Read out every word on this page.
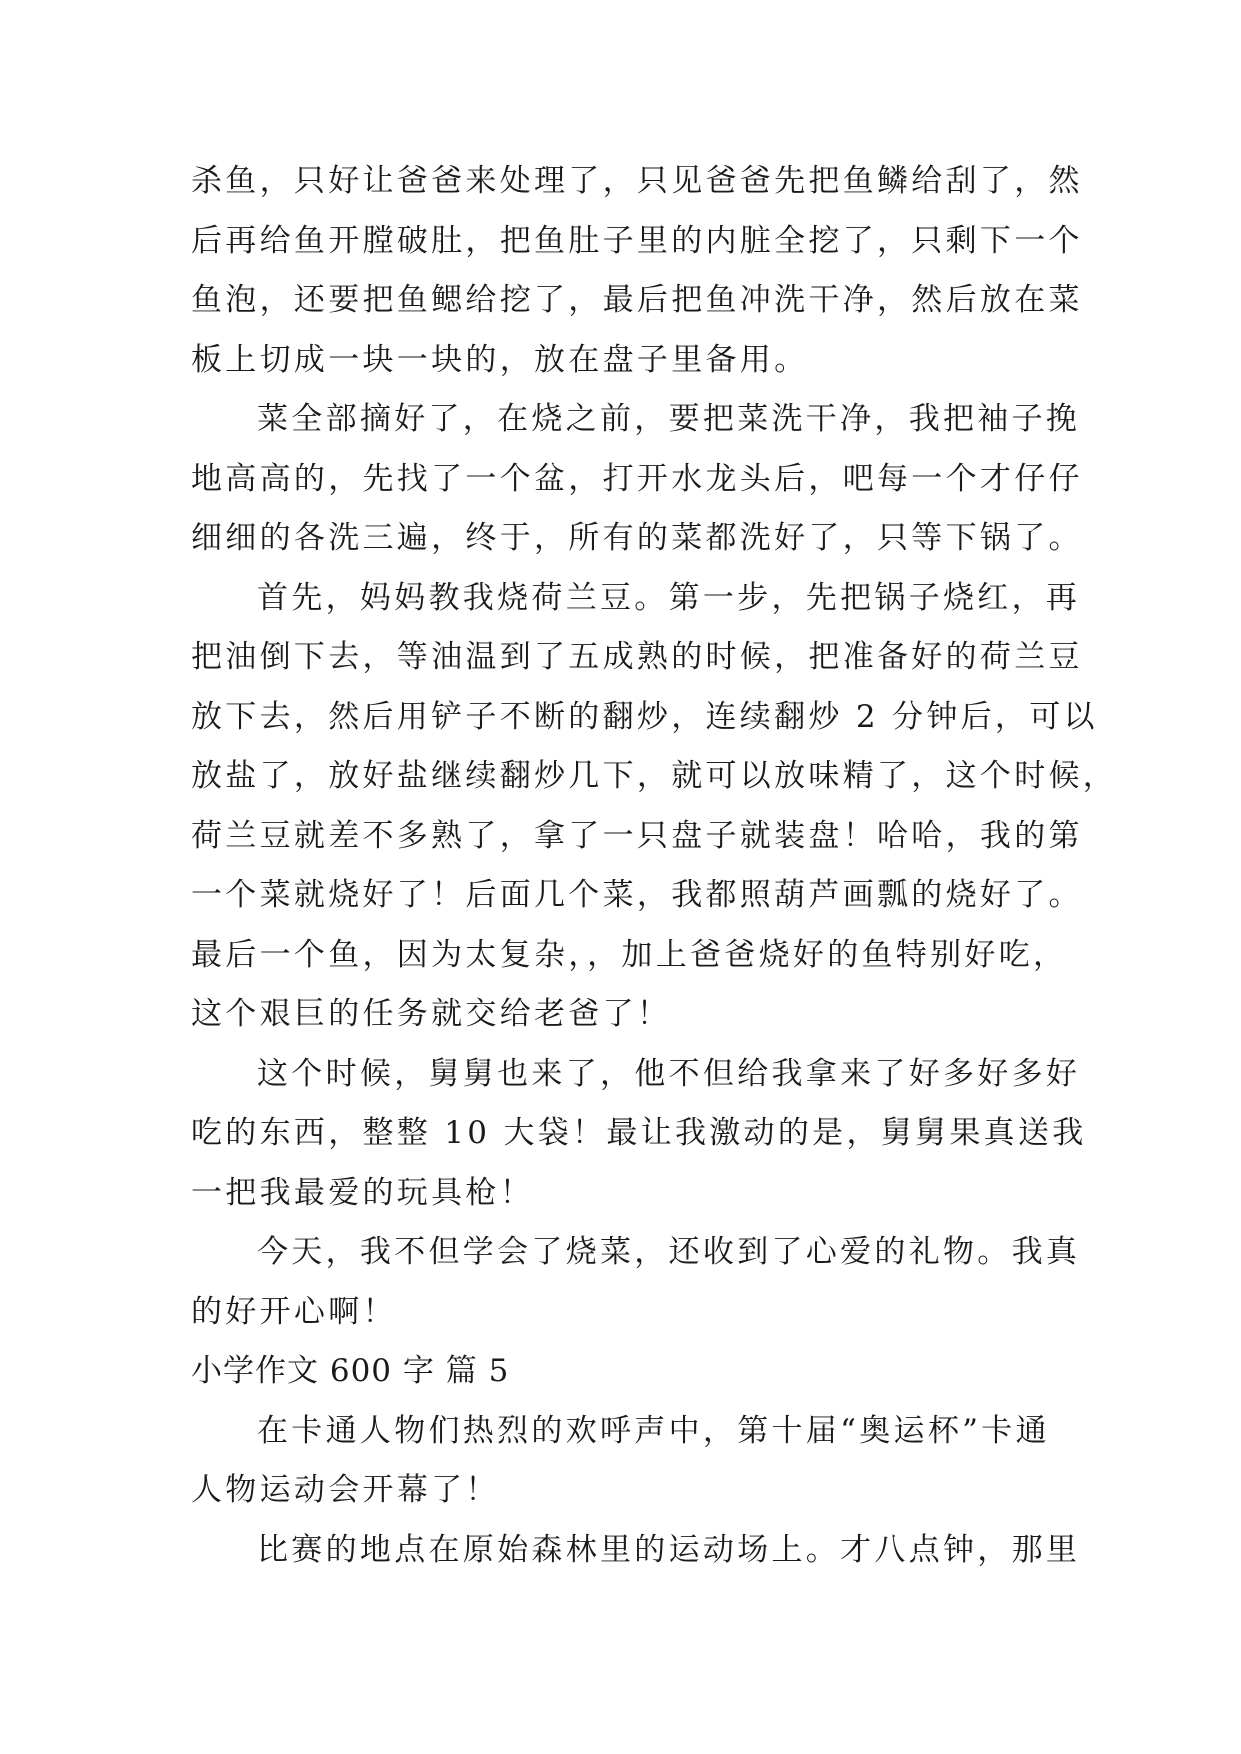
杀鱼，只好让爸爸来处理了，只见爸爸先把鱼鳞给刮了，然
后再给鱼开膛破肚，把鱼肚子里的内脏全挖了，只剩下一个
鱼泡，还要把鱼鳃给挖了，最后把鱼冲洗干净，然后放在菜
板上切成一块一块的，放在盘子里备用。
菜全部摘好了，在烧之前，要把菜洗干净，我把袖子挽
地高高的，先找了一个盆，打开水龙头后，吧每一个才仔仔
细细的各洗三遍，终于，所有的菜都洗好了，只等下锅了。
首先，妈妈教我烧荷兰豆。第一步，先把锅子烧红，再
把油倒下去，等油温到了五成熟的时候，把准备好的荷兰豆
放下去，然后用铲子不断的翻炒，连续翻炒 2 分钟后，可以
放盐了，放好盐继续翻炒几下，就可以放味精了，这个时候，
荷兰豆就差不多熟了，拿了一只盘子就装盘！哈哈，我的第
一个菜就烧好了！后面几个菜，我都照葫芦画瓢的烧好了。
最后一个鱼，因为太复杂，，加上爸爸烧好的鱼特别好吃，
这个艰巨的任务就交给老爸了！
这个时候，舅舅也来了，他不但给我拿来了好多好多好
吃的东西，整整 10 大袋！最让我激动的是，舅舅果真送我
一把我最爱的玩具枪！
今天，我不但学会了烧菜，还收到了心爱的礼物。我真
的好开心啊！
小学作文 600 字 篇 5
在卡通人物们热烈的欢呼声中，第十届“奥运杯”卡通
人物运动会开幕了！
比赛的地点在原始森林里的运动场上。才八点钟，那里
